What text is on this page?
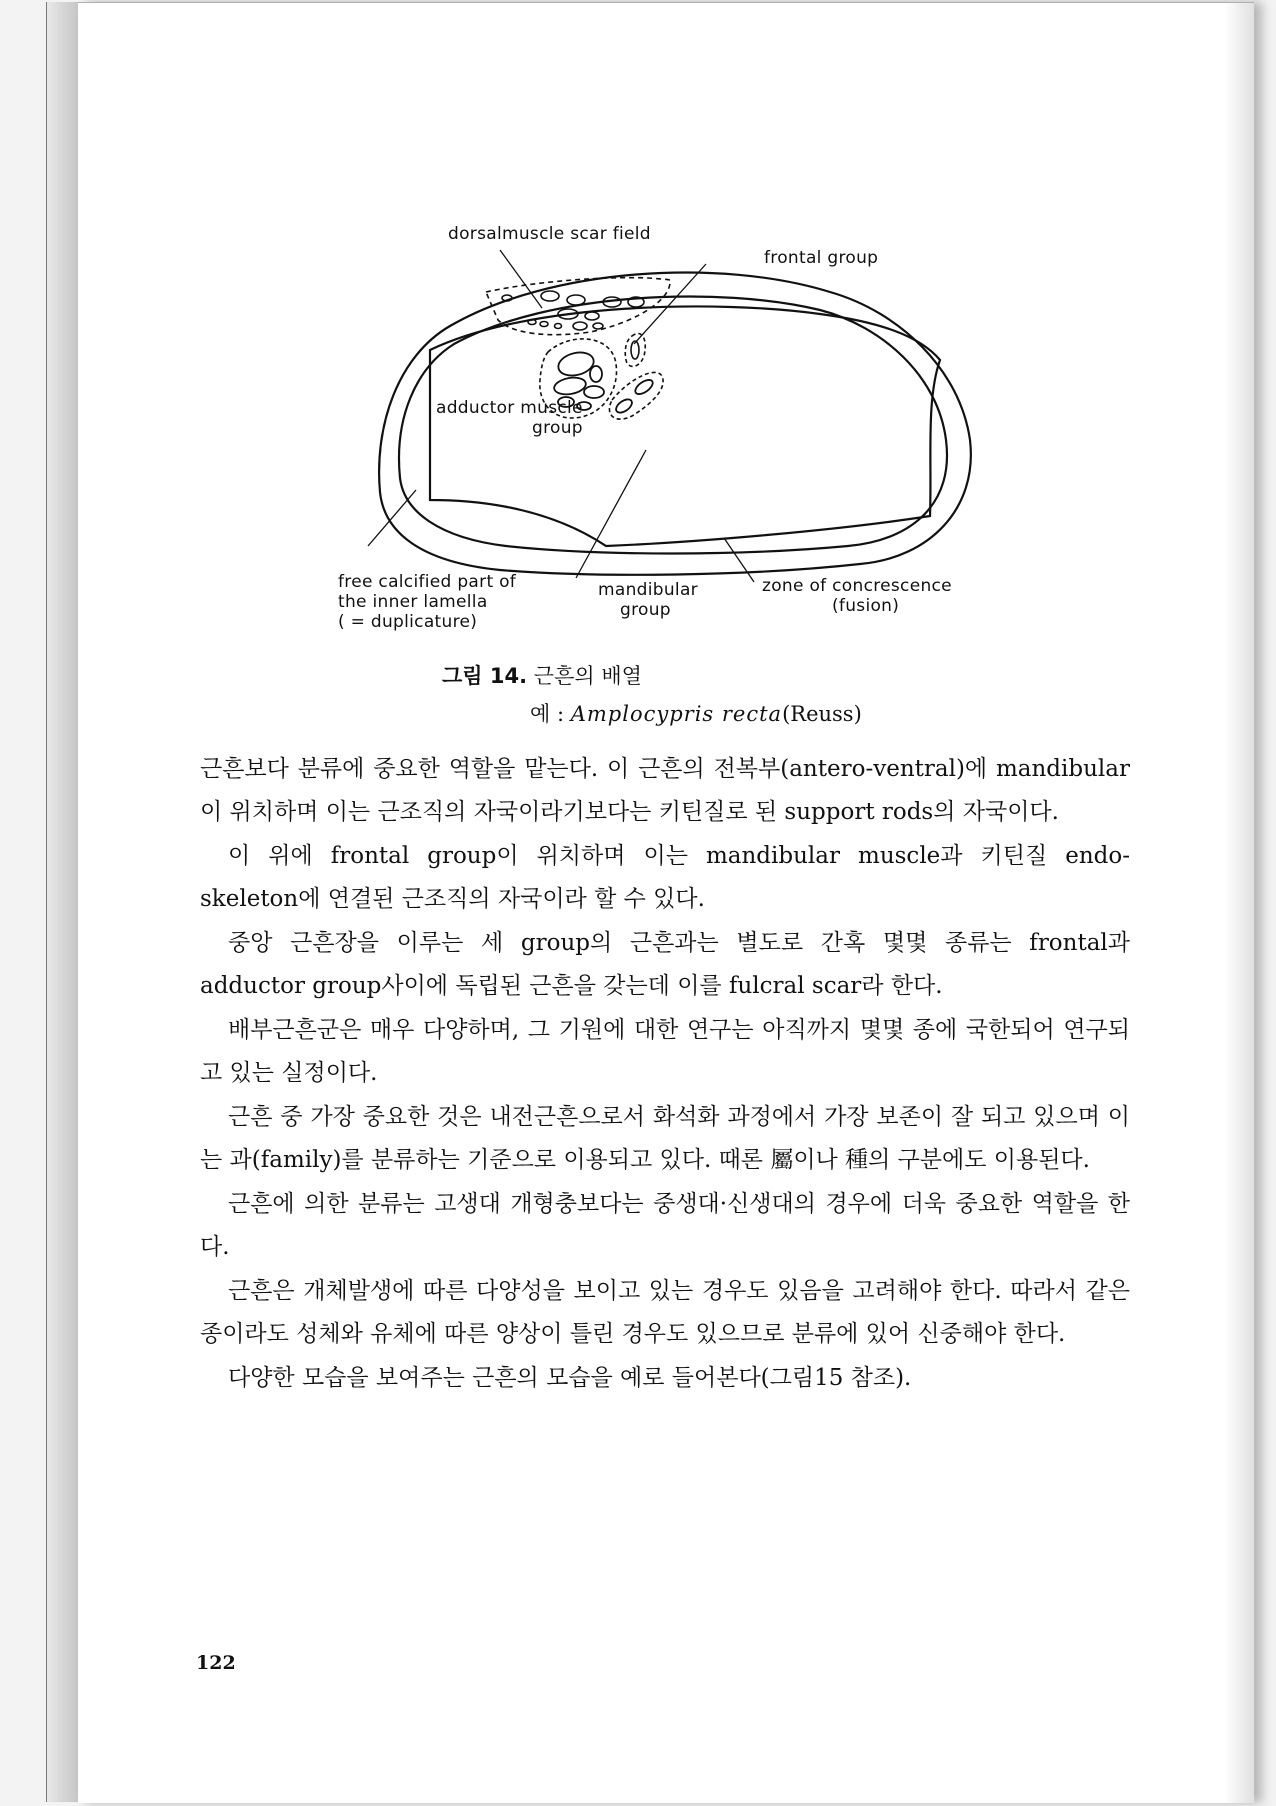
dorsalmuscle scar field
frontal group
adductor muscle
group
free calcified part of
the inner lamella
( = duplicature)
mandibular
group
zone of concrescence
(fusion)
그림 14. 근흔의 배열
예 : Amplocypris recta(Reuss)

근흔보다 분류에 중요한 역할을 맡는다. 이 근흔의 전복부(antero-ventral)에 mandibular이 위치하며 이는 근조직의 자국이라기보다는 키틴질로 된 support rods의 자국이다.

이 위에 frontal group이 위치하며 이는 mandibular muscle과 키틴질 endo-skeleton에 연결된 근조직의 자국이라 할 수 있다.

중앙 근흔장을 이루는 세 group의 근흔과는 별도로 간혹 몇몇 종류는 frontal과 adductor group사이에 독립된 근흔을 갖는데 이를 fulcral scar라 한다.

배부근흔군은 매우 다양하며, 그 기원에 대한 연구는 아직까지 몇몇 종에 국한되어 연구되고 있는 실정이다.

근흔 중 가장 중요한 것은 내전근흔으로서 화석화 과정에서 가장 보존이 잘 되고 있으며 이는 과(family)를 분류하는 기준으로 이용되고 있다. 때론 屬이나 種의 구분에도 이용된다.

근흔에 의한 분류는 고생대 개형충보다는 중생대·신생대의 경우에 더욱 중요한 역할을 한다.

근흔은 개체발생에 따른 다양성을 보이고 있는 경우도 있음을 고려해야 한다. 따라서 같은 종이라도 성체와 유체에 따른 양상이 틀린 경우도 있으므로 분류에 있어 신중해야 한다.

다양한 모습을 보여주는 근흔의 모습을 예로 들어본다(그림15 참조).

122
